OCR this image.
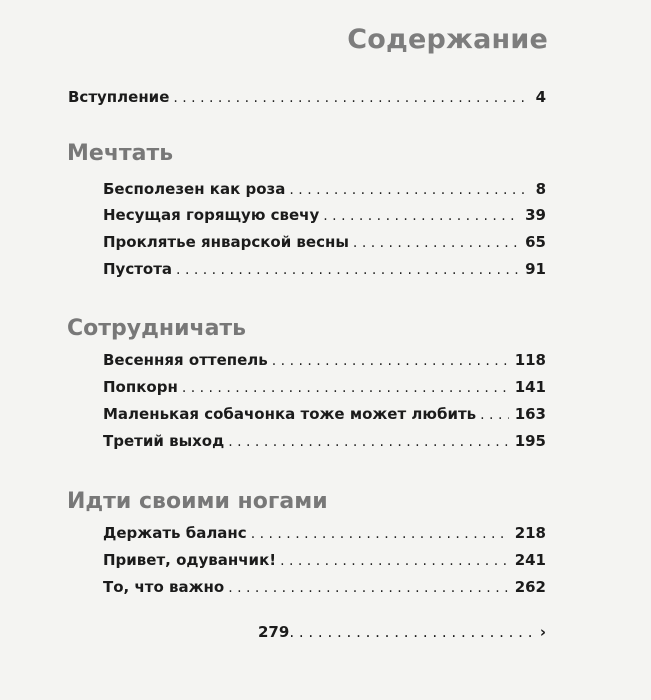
Содержание
Вступление . . .	4
Мечтать
Бесполезен как роза . . .	8
Несущая горящую свечу . . .	39
Проклятье январской весны . . .	65
Пустота . . .	91
Сотрудничать
Весенняя оттепель . . .	118
Попкорн . . .	141
Маленькая собачонка тоже может любить . . .	163
Третий выход . . .	195
Идти своими ногами
Держать баланс . . .	218
Привет, одуванчик! . . .	241
То, что важно . . .	262
279 . . .	›
